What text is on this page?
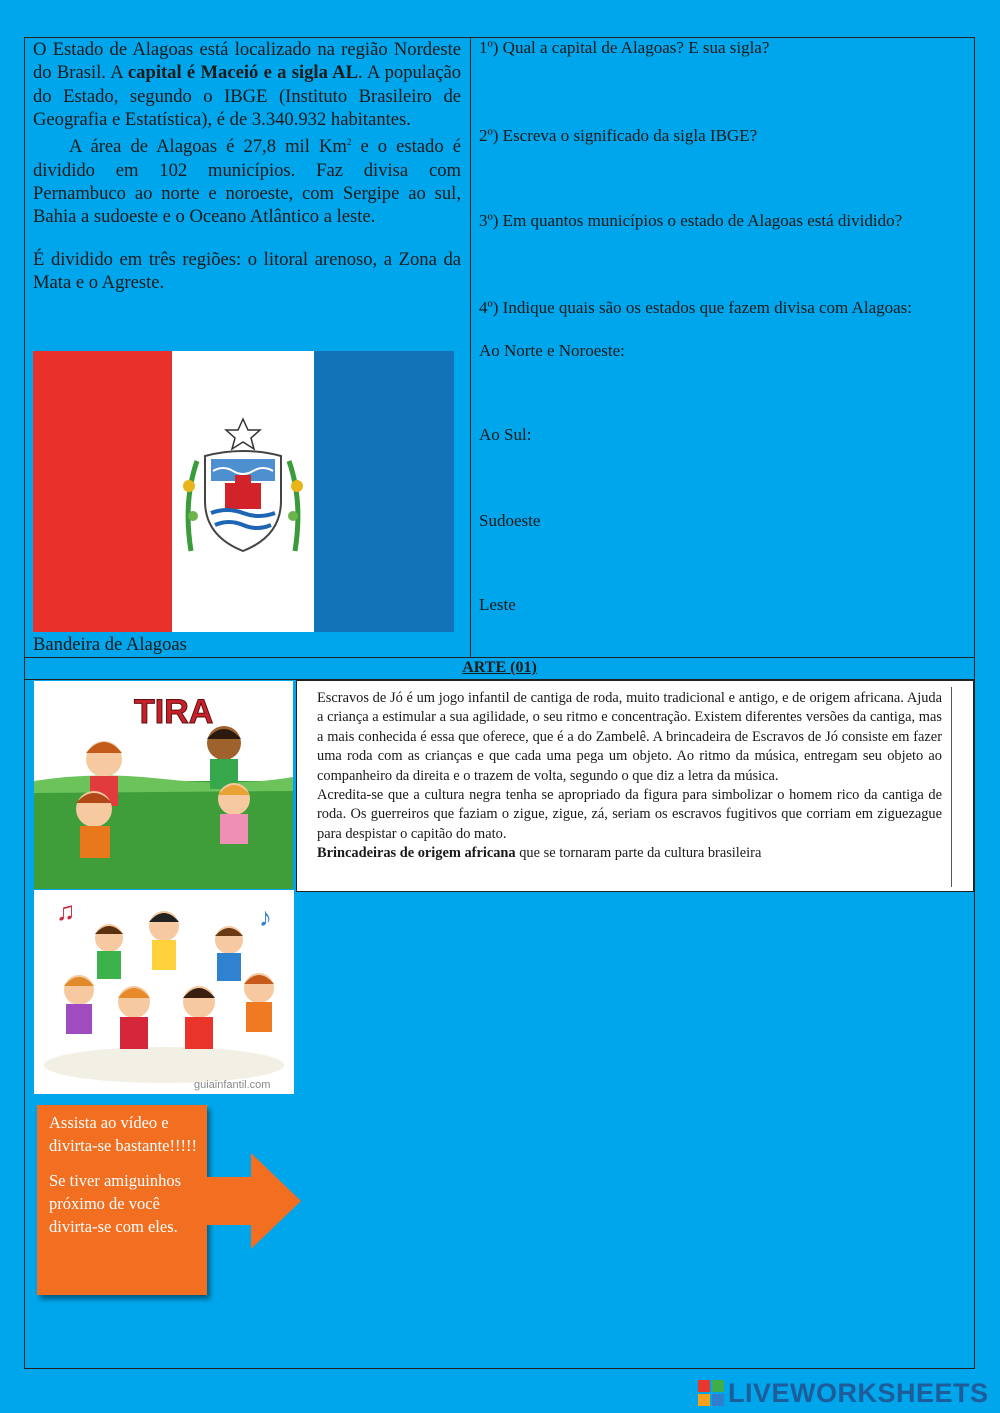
O Estado de Alagoas está localizado na região Nordeste do Brasil. A capital é Maceió e a sigla AL. A população do Estado, segundo o IBGE (Instituto Brasileiro de Geografia e Estatística), é de 3.340.932 habitantes.

A área de Alagoas é 27,8 mil Km$^2$ e o estado é dividido em 102 municípios. Faz divisa com Pernambuco ao norte e noroeste, com Sergipe ao sul, Bahia a sudoeste e o Oceano Atlântico a leste.

É dividido em três regiões: o litoral arenoso, a Zona da Mata e o Agreste.

Bandeira de Alagoas
1º) Qual a capital de Alagoas? E sua sigla?
2º) Escreva o significado da sigla IBGE?
3º) Em quantos municípios o estado de Alagoas está dividido?
4º) Indique quais são os estados que fazem divisa com Alagoas:
Ao Norte e Noroeste:
Ao Sul:
Sudoeste
Leste
ARTE (01)
TIRA
♫	♪
guiainfantil.com

Escravos de Jó é um jogo infantil de cantiga de roda, muito tradicional e antigo, e de origem africana. Ajuda a criança a estimular a sua agilidade, o seu ritmo e concentração. Existem diferentes versões da cantiga, mas a mais conhecida é essa que oferece, que é a do Zambelê. A brincadeira de Escravos de Jó consiste em fazer uma roda com as crianças e que cada uma pega um objeto. Ao ritmo da música, entregam seu objeto ao companheiro da direita e o trazem de volta, segundo o que diz a letra da música.

Acredita-se que a cultura negra tenha se apropriado da figura para simbolizar o homem rico da cantiga de roda. Os guerreiros que faziam o zigue, zigue, zá, seriam os escravos fugitivos que corriam em ziguezague para despistar o capitão do mato.

Brincadeiras de origem africana que se tornaram parte da cultura brasileira

Assista ao vídeo e divirta-se bastante!!!!!

Se tiver amiguinhos próximo de você divirta-se com eles.

LIVEWORKSHEETS
